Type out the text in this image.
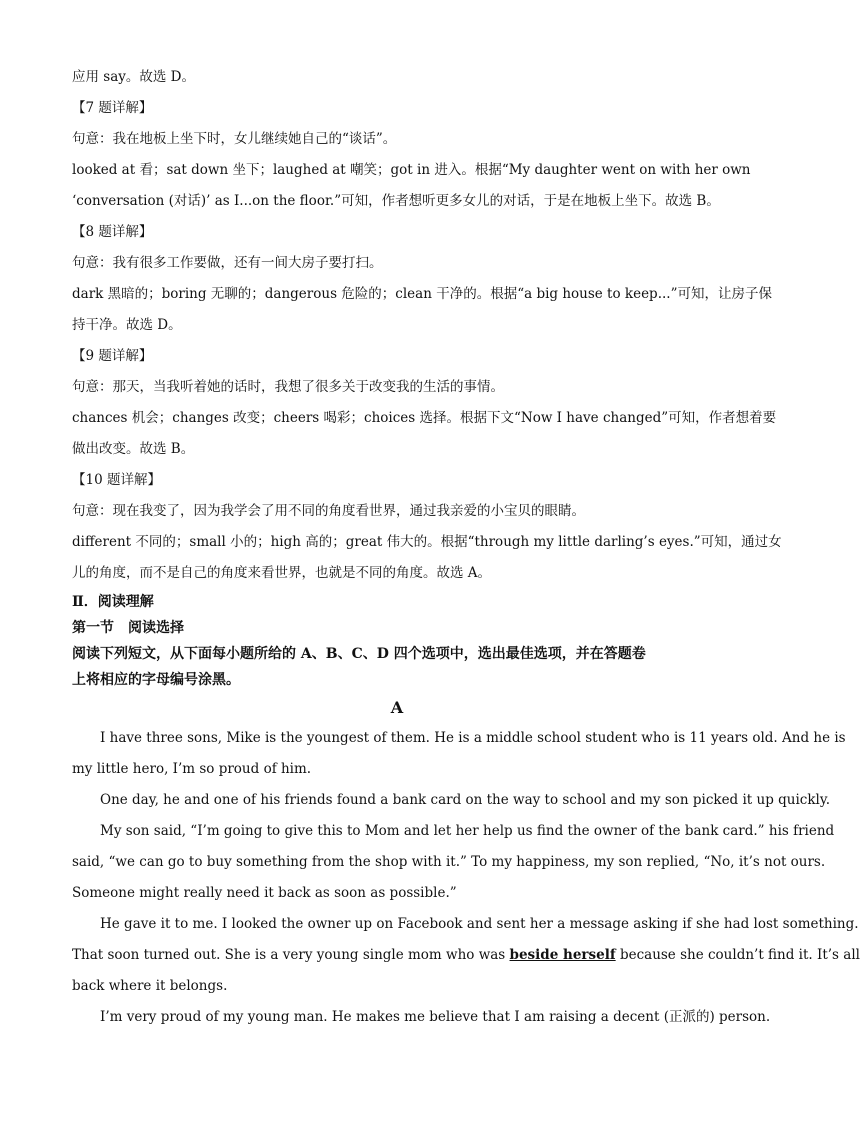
应用 say。故选 D。
【7 题详解】
句意：我在地板上坐下时，女儿继续她自己的“谈话”。
looked at 看；sat down 坐下；laughed at 嘲笑；got in 进入。根据“My daughter went on with her own
‘conversation (对话)’ as I...on the floor.”可知，作者想听更多女儿的对话，于是在地板上坐下。故选 B。
【8 题详解】
句意：我有很多工作要做，还有一间大房子要打扫。
dark 黑暗的；boring 无聊的；dangerous 危险的；clean 干净的。根据“a big house to keep...”可知，让房子保
持干净。故选 D。
【9 题详解】
句意：那天，当我听着她的话时，我想了很多关于改变我的生活的事情。
chances 机会；changes 改变；cheers 喝彩；choices 选择。根据下文“Now I have changed”可知，作者想着要
做出改变。故选 B。
【10 题详解】
句意：现在我变了，因为我学会了用不同的角度看世界，通过我亲爱的小宝贝的眼睛。
different 不同的；small 小的；high 高的；great 伟大的。根据“through my little darling’s eyes.”可知，通过女
儿的角度，而不是自己的角度来看世界，也就是不同的角度。故选 A。
Ⅱ．阅读理解
第一节　阅读选择
阅读下列短文，从下面每小题所给的 A、B、C、D 四个选项中，选出最佳选项，并在答题卷
上将相应的字母编号涂黑。
A
I have three sons, Mike is the youngest of them. He is a middle school student who is 11 years old. And he is
my little hero, I’m so proud of him.
One day, he and one of his friends found a bank card on the way to school and my son picked it up quickly.
My son said, “I’m going to give this to Mom and let her help us find the owner of the bank card.” his friend
said, “we can go to buy something from the shop with it.” To my happiness, my son replied, “No, it’s not ours.
Someone might really need it back as soon as possible.”
He gave it to me. I looked the owner up on Facebook and sent her a message asking if she had lost something.
That soon turned out. She is a very young single mom who was beside herself because she couldn’t find it. It’s all
back where it belongs.
I’m very proud of my young man. He makes me believe that I am raising a decent (正派的) person.
